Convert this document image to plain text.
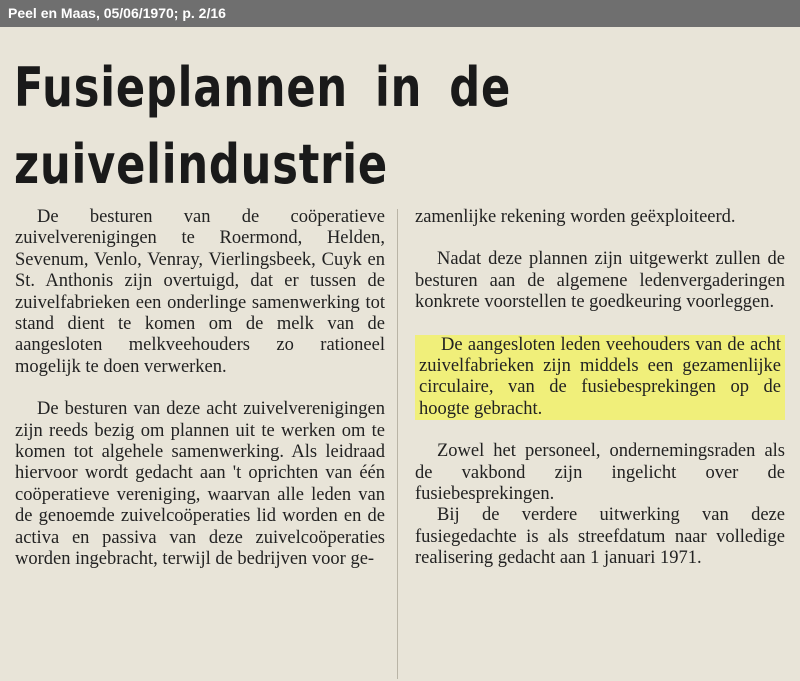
Peel en Maas, 05/06/1970; p. 2/16
Fusieplannen in de
zuivelindustrie

De besturen van de coöperatieve zuivelverenigingen te Roermond, Helden, Sevenum, Venlo, Venray, Vierlingsbeek, Cuyk en St. Anthonis zijn overtuigd, dat er tussen de zuivelfabrieken een onderlinge samenwerking tot stand dient te komen om de melk van de aangesloten melkveehouders zo rationeel mogelijk te doen verwerken.

De besturen van deze acht zuivelverenigingen zijn reeds bezig om plannen uit te werken om te komen tot algehele samenwerking. Als leidraad hiervoor wordt gedacht aan 't oprichten van één coöperatieve vereniging, waarvan alle leden van de genoemde zuivelcoöperaties lid worden en de activa en passiva van deze zuivelcoöperaties worden ingebracht, terwijl de bedrijven voor ge-

zamenlijke rekening worden geëxploiteerd.

Nadat deze plannen zijn uitgewerkt zullen de besturen aan de algemene ledenvergaderingen konkrete voorstellen te goedkeuring voorleggen.

De aangesloten leden veehouders van de acht zuivelfabrieken zijn middels een gezamenlijke circulaire, van de fusiebesprekingen op de hoogte gebracht.

Zowel het personeel, ondernemingsraden als de vakbond zijn ingelicht over de fusiebesprekingen.

Bij de verdere uitwerking van deze fusiegedachte is als streefdatum naar volledige realisering gedacht aan 1 januari 1971.
